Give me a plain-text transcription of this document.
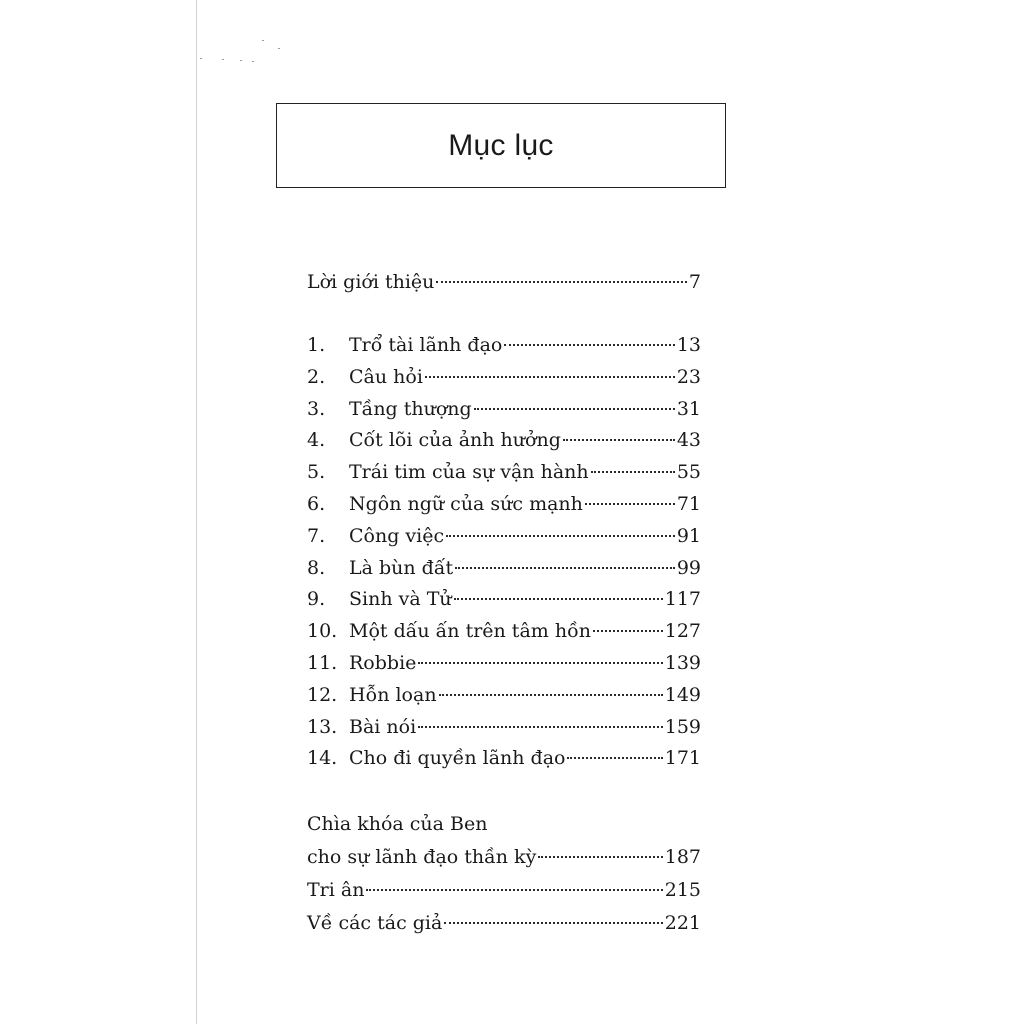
Mục lục
Lời giới thiệu	7
1.	Trổ tài lãnh đạo	13
2.	Câu hỏi	23
3.	Tầng thượng	31
4.	Cốt lõi của ảnh hưởng	43
5.	Trái tim của sự vận hành	55
6.	Ngôn ngữ của sức mạnh	71
7.	Công việc	91
8.	Là bùn đất	99
9.	Sinh và Tử	117
10. Một dấu ấn trên tâm hồn	127
11. Robbie	139
12. Hỗn loạn	149
13. Bài nói	159
14. Cho đi quyền lãnh đạo	171
Chìa khóa của Ben
cho sự lãnh đạo thần kỳ	187
Tri ân	215
Về các tác giả	221
